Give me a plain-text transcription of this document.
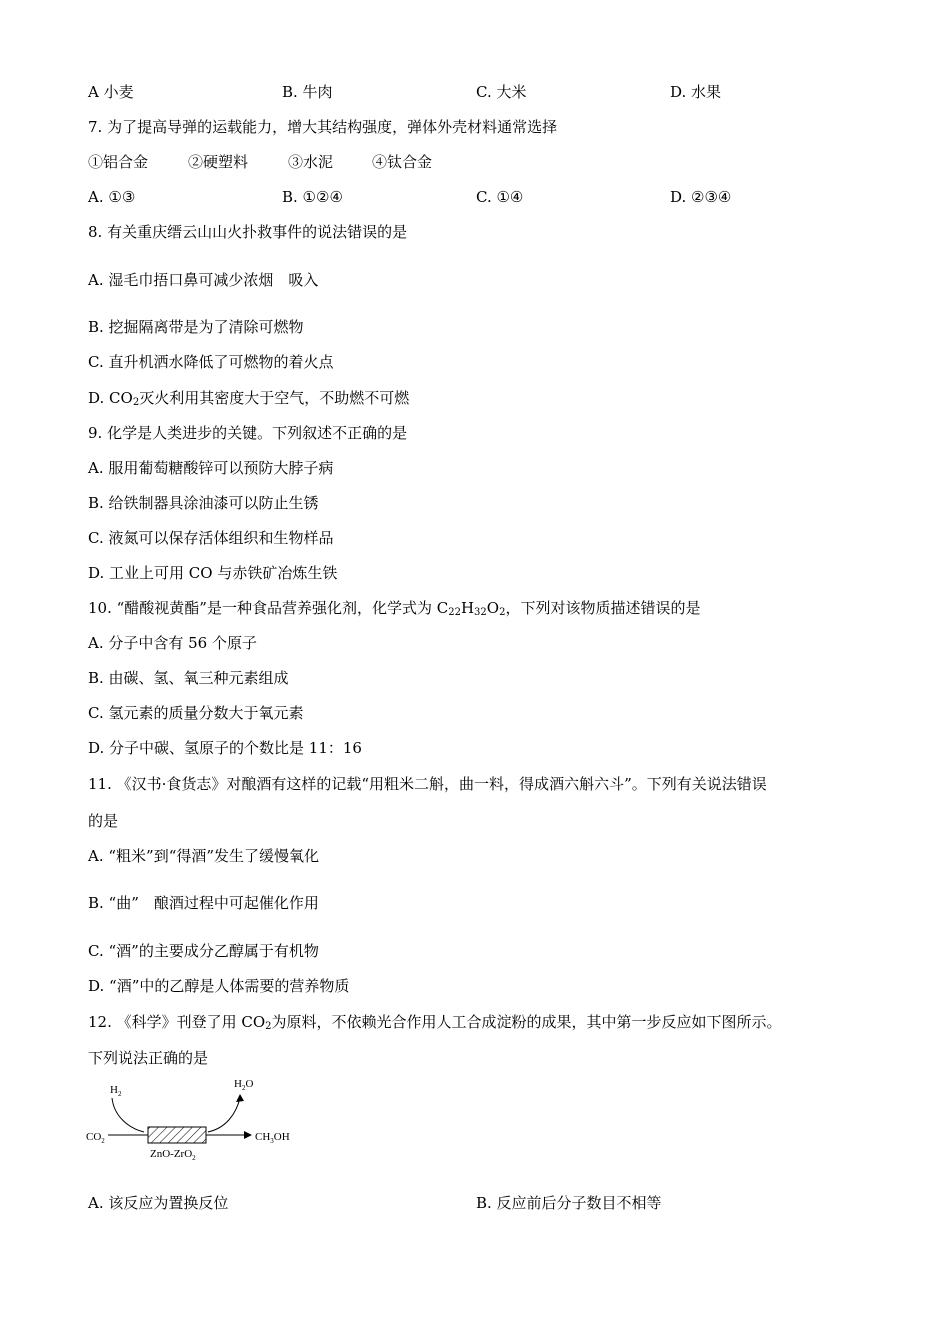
A 小麦	B. 牛肉	C. 大米	D. 水果
7. 为了提高导弹的运载能力，增大其结构强度，弹体外壳材料通常选择
①铝合金	②硬塑料	③水泥	④钛合金
A. ①③	B. ①②④	C. ①④	D. ②③④
8. 有关重庆缙云山山火扑救事件的说法错误的是
A. 湿毛巾捂口鼻可减少浓烟　吸入
B. 挖掘隔离带是为了清除可燃物
C. 直升机洒水降低了可燃物的着火点
D. $CO_2$灭火利用其密度大于空气，不助燃不可燃
9. 化学是人类进步的关键。下列叙述不正确的是
A. 服用葡萄糖酸锌可以预防大脖子病
B. 给铁制器具涂油漆可以防止生锈
C. 液氮可以保存活体组织和生物样品
D. 工业上可用 CO 与赤铁矿冶炼生铁
10. “醋酸视黄酯”是一种食品营养强化剂，化学式为 $C_{22}H_{32}O_2$，下列对该物质描述错误的是
A. 分子中含有 56 个原子
B. 由碳、氢、氧三种元素组成
C. 氢元素的质量分数大于氧元素
D. 分子中碳、氢原子的个数比是 11：16
11. 《汉书·食货志》对酿酒有这样的记载“用粗米二斛，曲一料，得成酒六斛六斗”。下列有关说法错误
的是
A. “粗米”到“得酒”发生了缓慢氧化
B. “曲”　酿酒过程中可起催化作用
C. “酒”的主要成分乙醇属于有机物
D. “酒”中的乙醇是人体需要的营养物质
12. 《科学》刊登了用 $CO_2$为原料，不依赖光合作用人工合成淀粉的成果，其中第一步反应如下图所示。
下列说法正确的是
$H_2$
$H_2O$
$CO_2$	$CH_3OH$
ZnO-ZrO$_2$
A. 该反应为置换反位	B. 反应前后分子数目不相等
